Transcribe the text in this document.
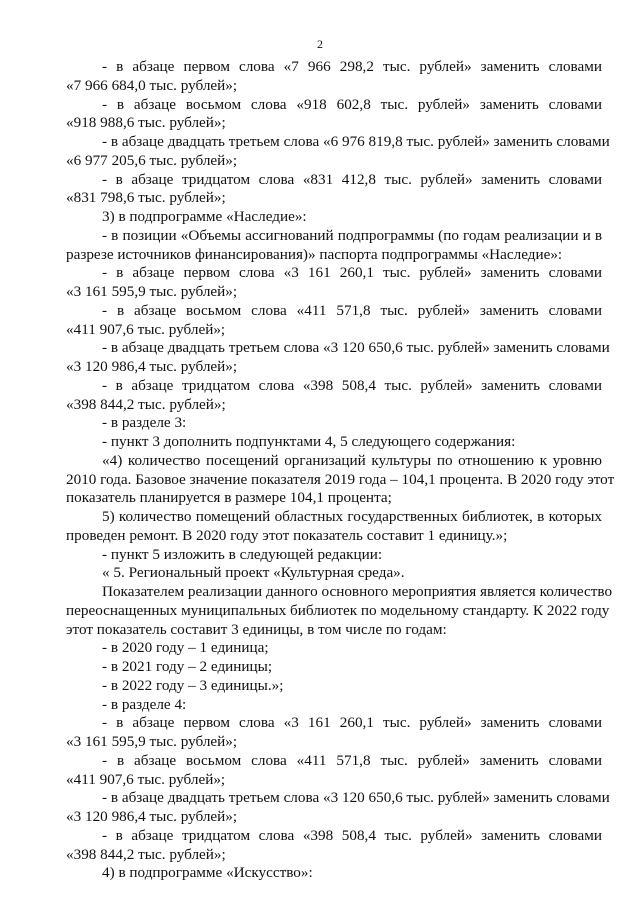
2
- в абзаце первом слова «7 966 298,2 тыс. рублей» заменить словами
«7 966 684,0 тыс. рублей»;
- в абзаце восьмом слова «918 602,8 тыс. рублей» заменить словами
«918 988,6 тыс. рублей»;
- в абзаце двадцать третьем слова «6 976 819,8 тыс. рублей» заменить словами
«6 977 205,6 тыс. рублей»;
- в абзаце тридцатом слова «831 412,8 тыс. рублей» заменить словами
«831 798,6 тыс. рублей»;
3) в подпрограмме «Наследие»:
- в позиции «Объемы ассигнований подпрограммы (по годам реализации и в
разрезе источников финансирования)» паспорта подпрограммы «Наследие»:
- в абзаце первом слова «3 161 260,1 тыс. рублей» заменить словами
«3 161 595,9 тыс. рублей»;
- в абзаце восьмом слова «411 571,8 тыс. рублей» заменить словами
«411 907,6 тыс. рублей»;
- в абзаце двадцать третьем слова «3 120 650,6 тыс. рублей» заменить словами
«3 120 986,4 тыс. рублей»;
- в абзаце тридцатом слова «398 508,4 тыс. рублей» заменить словами
«398 844,2 тыс. рублей»;
- в разделе 3:
- пункт 3 дополнить подпунктами 4, 5 следующего содержания:
«4) количество посещений организаций культуры по отношению к уровню
2010 года. Базовое значение показателя 2019 года – 104,1 процента. В 2020 году этот
показатель планируется в размере 104,1 процента;
5) количество помещений областных государственных библиотек, в которых
проведен ремонт. В 2020 году этот показатель составит 1 единицу.»;
- пункт 5 изложить в следующей редакции:
« 5. Региональный проект «Культурная среда».
Показателем реализации данного основного мероприятия является количество
переоснащенных муниципальных библиотек по модельному стандарту. К 2022 году
этот показатель составит 3 единицы, в том числе по годам:
- в 2020 году – 1 единица;
- в 2021 году – 2 единицы;
- в 2022 году – 3 единицы.»;
- в разделе 4:
- в абзаце первом слова «3 161 260,1 тыс. рублей» заменить словами
«3 161 595,9 тыс. рублей»;
- в абзаце восьмом слова «411 571,8 тыс. рублей» заменить словами
«411 907,6 тыс. рублей»;
- в абзаце двадцать третьем слова «3 120 650,6 тыс. рублей» заменить словами
«3 120 986,4 тыс. рублей»;
- в абзаце тридцатом слова «398 508,4 тыс. рублей» заменить словами
«398 844,2 тыс. рублей»;
4) в подпрограмме «Искусство»:
